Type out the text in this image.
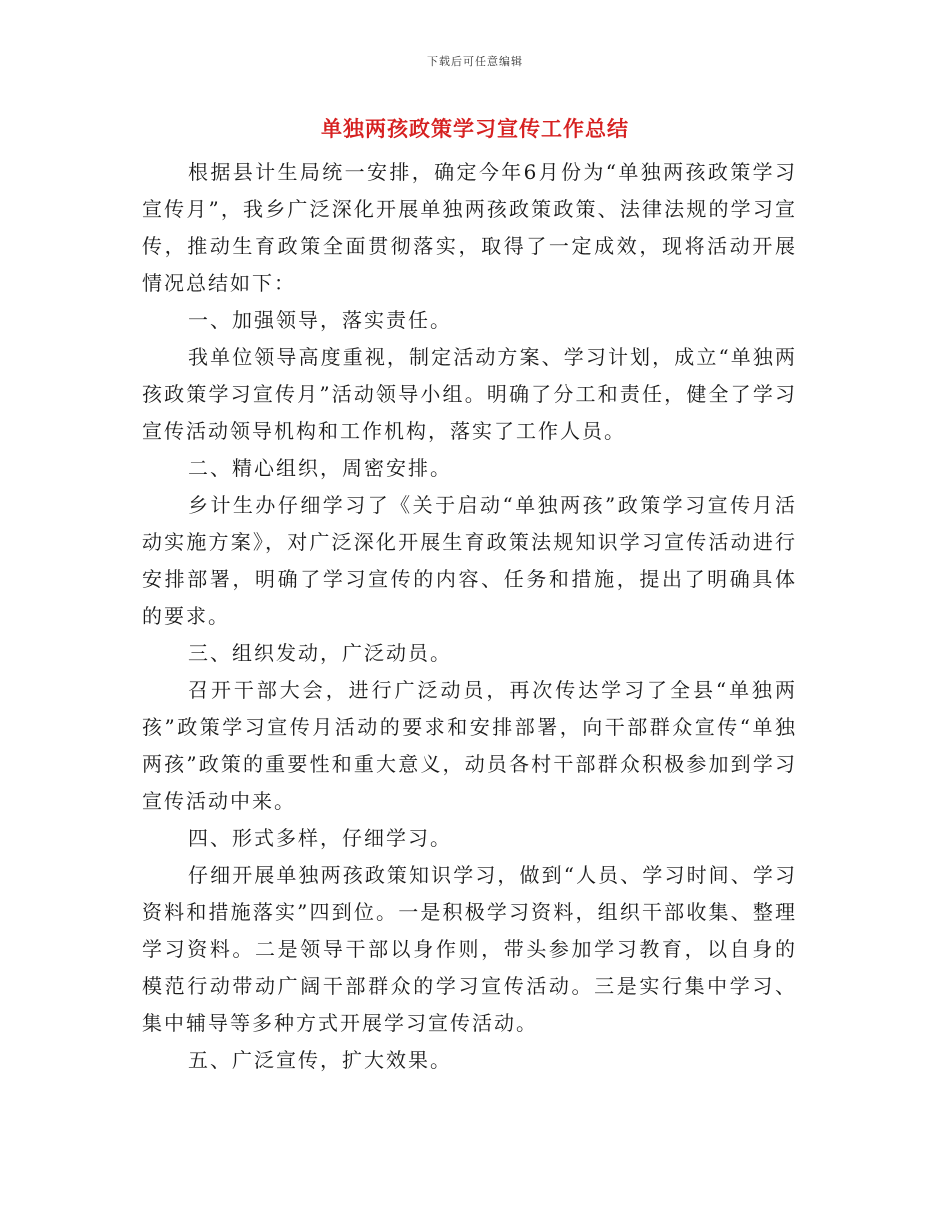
下载后可任意编辑
单独两孩政策学习宣传工作总结

根据县计生局统一安排，确定今年6月份为“单独两孩政策学习宣传月”，我乡广泛深化开展单独两孩政策政策、法律法规的学习宣传，推动生育政策全面贯彻落实，取得了一定成效，现将活动开展情况总结如下：

一、加强领导，落实责任。

我单位领导高度重视，制定活动方案、学习计划，成立“单独两孩政策学习宣传月”活动领导小组。明确了分工和责任，健全了学习宣传活动领导机构和工作机构，落实了工作人员。

二、精心组织，周密安排。

乡计生办仔细学习了《关于启动“单独两孩”政策学习宣传月活动实施方案》，对广泛深化开展生育政策法规知识学习宣传活动进行安排部署，明确了学习宣传的内容、任务和措施，提出了明确具体的要求。

三、组织发动，广泛动员。

召开干部大会，进行广泛动员，再次传达学习了全县“单独两孩”政策学习宣传月活动的要求和安排部署，向干部群众宣传“单独两孩”政策的重要性和重大意义，动员各村干部群众积极参加到学习宣传活动中来。

四、形式多样，仔细学习。

仔细开展单独两孩政策知识学习，做到“人员、学习时间、学习资料和措施落实”四到位。一是积极学习资料，组织干部收集、整理学习资料。二是领导干部以身作则，带头参加学习教育，以自身的模范行动带动广阔干部群众的学习宣传活动。三是实行集中学习、集中辅导等多种方式开展学习宣传活动。

五、广泛宣传，扩大效果。
